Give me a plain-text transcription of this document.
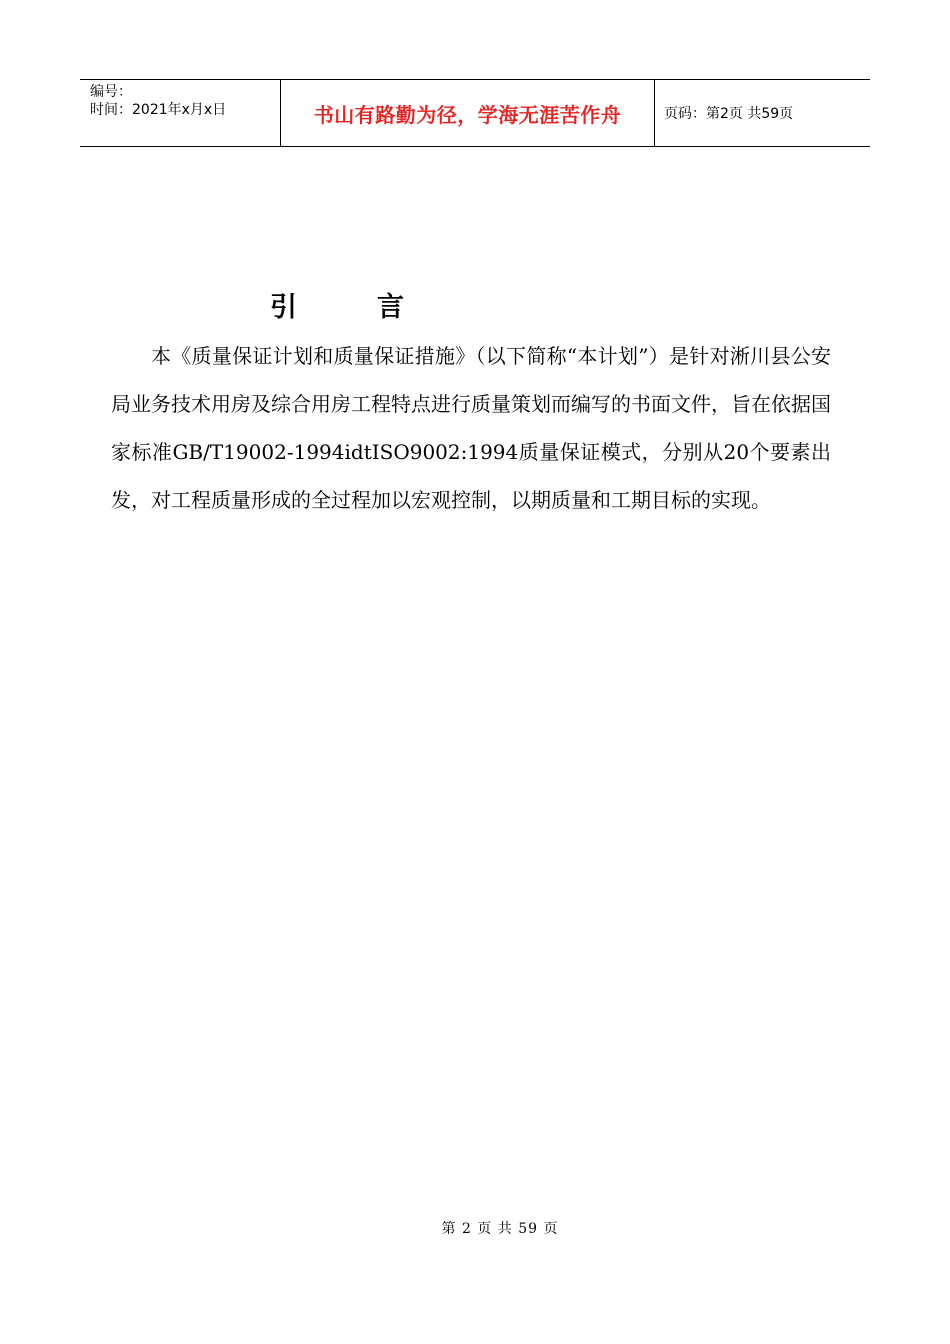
编号：
时间：2021年x月x日	书山有路勤为径，学海无涯苦作舟	页码：第2页 共59页
引言

本《质量保证计划和质量保证措施》（以下简称“本计划”）是针对淅川县公安局业务技术用房及综合用房工程特点进行质量策划而编写的书面文件，旨在依据国家标准GB/T19002-1994idtISO9002:1994质量保证模式，分别从20个要素出发，对工程质量形成的全过程加以宏观控制，以期质量和工期目标的实现。

第 2 页 共 59 页
